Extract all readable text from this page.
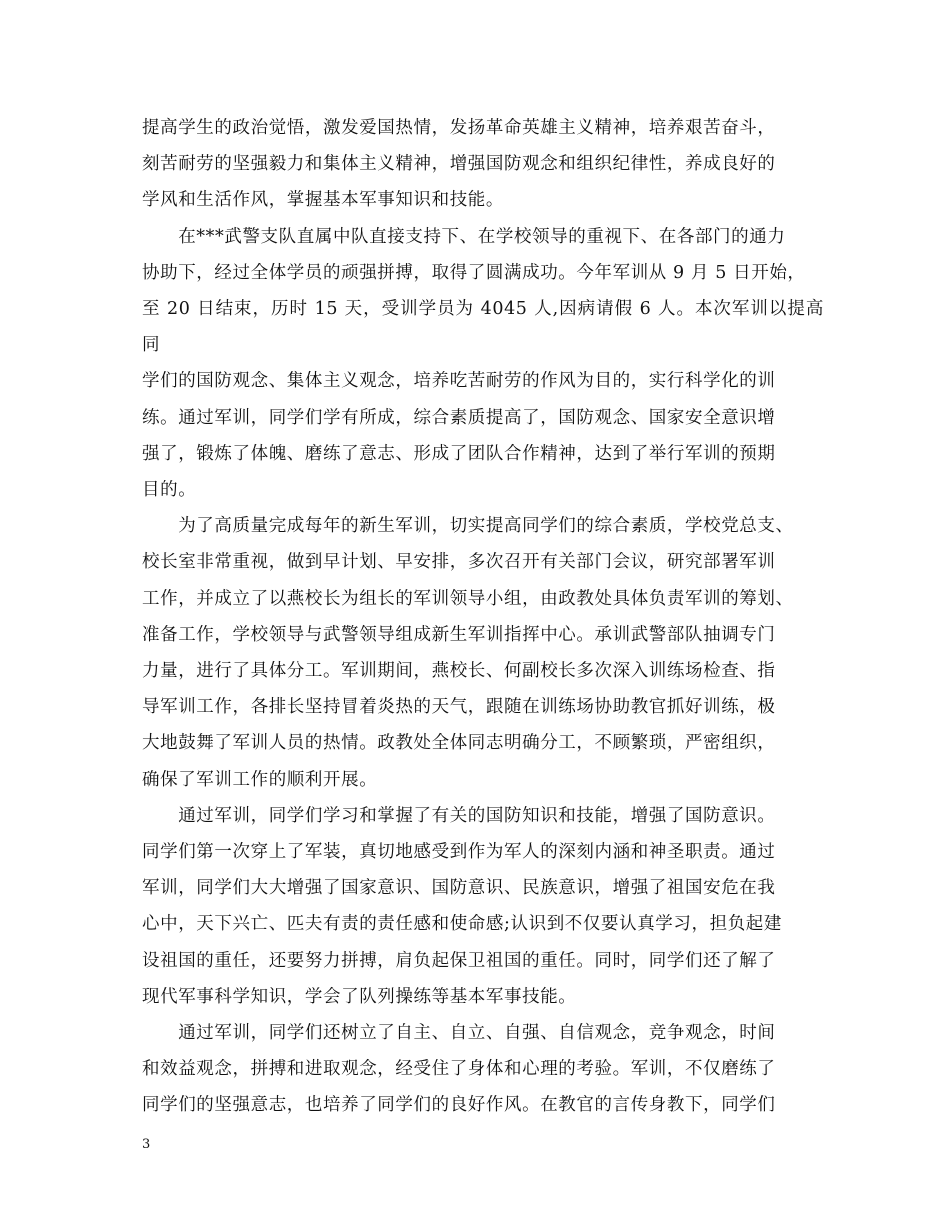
提高学生的政治觉悟，激发爱国热情，发扬革命英雄主义精神，培养艰苦奋斗，
刻苦耐劳的坚强毅力和集体主义精神，增强国防观念和组织纪律性，养成良好的
学风和生活作风，掌握基本军事知识和技能。

　　在***武警支队直属中队直接支持下、在学校领导的重视下、在各部门的通力
协助下，经过全体学员的顽强拼搏，取得了圆满成功。今年军训从 9 月 5 日开始，
至 20 日结束，历时 15 天，受训学员为 4045 人,因病请假 6 人。本次军训以提高同
学们的国防观念、集体主义观念，培养吃苦耐劳的作风为目的，实行科学化的训
练。通过军训，同学们学有所成，综合素质提高了，国防观念、国家安全意识增
强了，锻炼了体魄、磨练了意志、形成了团队合作精神，达到了举行军训的预期
目的。

　　为了高质量完成每年的新生军训，切实提高同学们的综合素质，学校党总支、
校长室非常重视，做到早计划、早安排，多次召开有关部门会议，研究部署军训
工作，并成立了以燕校长为组长的军训领导小组，由政教处具体负责军训的筹划、
准备工作，学校领导与武警领导组成新生军训指挥中心。承训武警部队抽调专门
力量，进行了具体分工。军训期间，燕校长、何副校长多次深入训练场检查、指
导军训工作，各排长坚持冒着炎热的天气，跟随在训练场协助教官抓好训练，极
大地鼓舞了军训人员的热情。政教处全体同志明确分工，不顾繁琐，严密组织，
确保了军训工作的顺利开展。

　　通过军训，同学们学习和掌握了有关的国防知识和技能，增强了国防意识。
同学们第一次穿上了军装，真切地感受到作为军人的深刻内涵和神圣职责。通过
军训，同学们大大增强了国家意识、国防意识、民族意识，增强了祖国安危在我
心中，天下兴亡、匹夫有责的责任感和使命感;认识到不仅要认真学习，担负起建
设祖国的重任，还要努力拼搏，肩负起保卫祖国的重任。同时，同学们还了解了
现代军事科学知识，学会了队列操练等基本军事技能。

　　通过军训，同学们还树立了自主、自立、自强、自信观念，竞争观念，时间
和效益观念，拼搏和进取观念，经受住了身体和心理的考验。军训，不仅磨练了
同学们的坚强意志，也培养了同学们的良好作风。在教官的言传身教下，同学们

3
